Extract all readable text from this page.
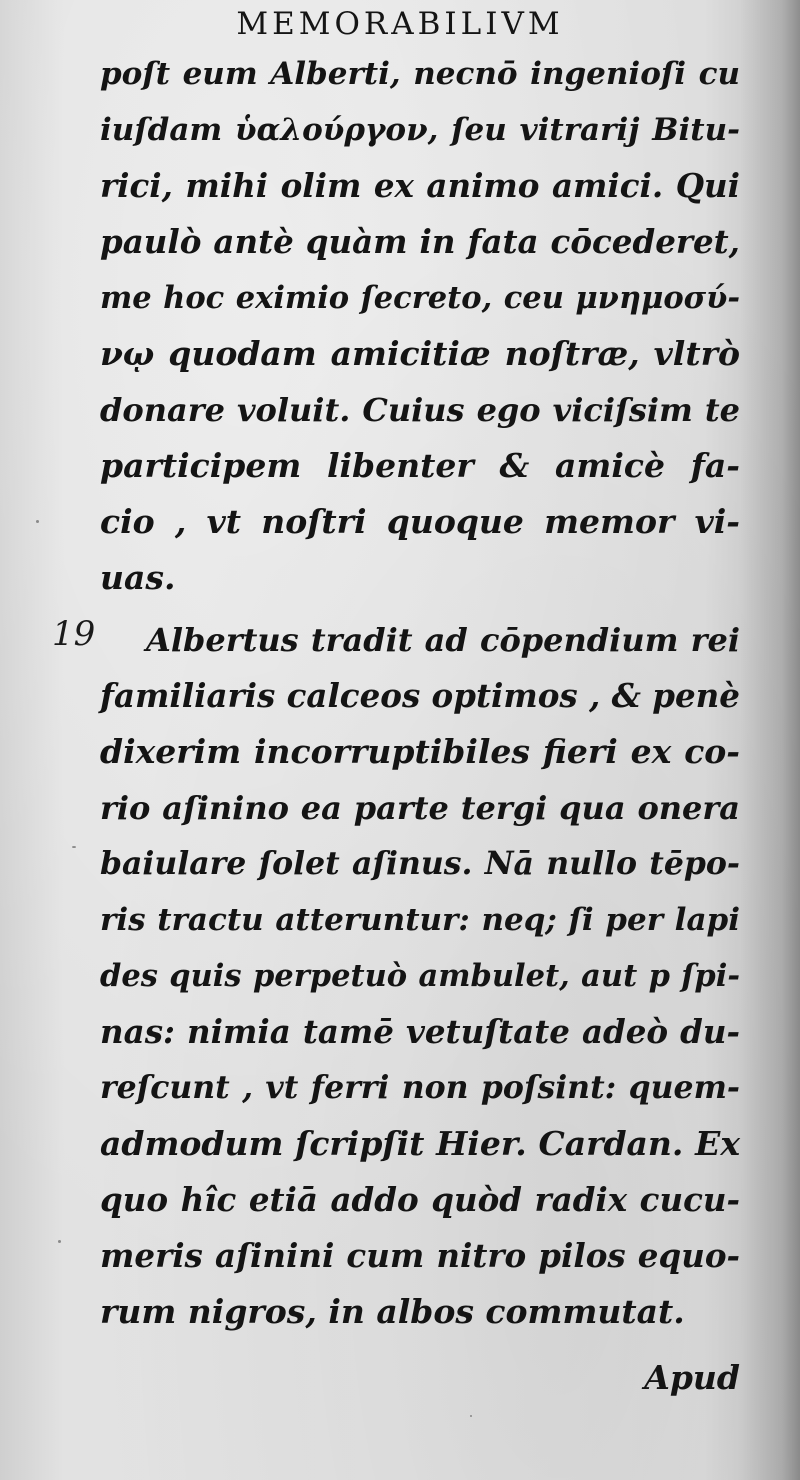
MEMORABILIVM
19
poſt eum Alberti, necnō ingenioſi cu
iuſdam ὑαλούργον, ſeu vitrarij Bitu-
rici, mihi olim ex animo amici. Qui
paulò antè quàm in fata cōcederet,
me hoc eximio ſecreto, ceu μνημοσύ-
νῳ quodam amicitiæ noſtræ, vltrò
donare voluit. Cuius ego viciſsim te
participem libenter & amicè fa-
cio , vt noſtri quoque memor vi-
uas.
Albertus tradit ad cōpendium rei
familiaris calceos optimos , & penè
dixerim incorruptibiles fieri ex co-
rio aſinino ea parte tergi qua onera
baiulare ſolet aſinus. Nā nullo tēpo-
ris tractu atteruntur: neq; ſi per lapi
des quis perpetuò ambulet, aut p ſpi-
nas: nimia tamē vetuſtate adeò du-
reſcunt , vt ferri non poſsint: quem-
admodum ſcripſit Hier. Cardan. Ex
quo hîc etiā addo quòd radix cucu-
meris aſinini cum nitro pilos equo-
rum nigros, in albos commutat.
Apud
